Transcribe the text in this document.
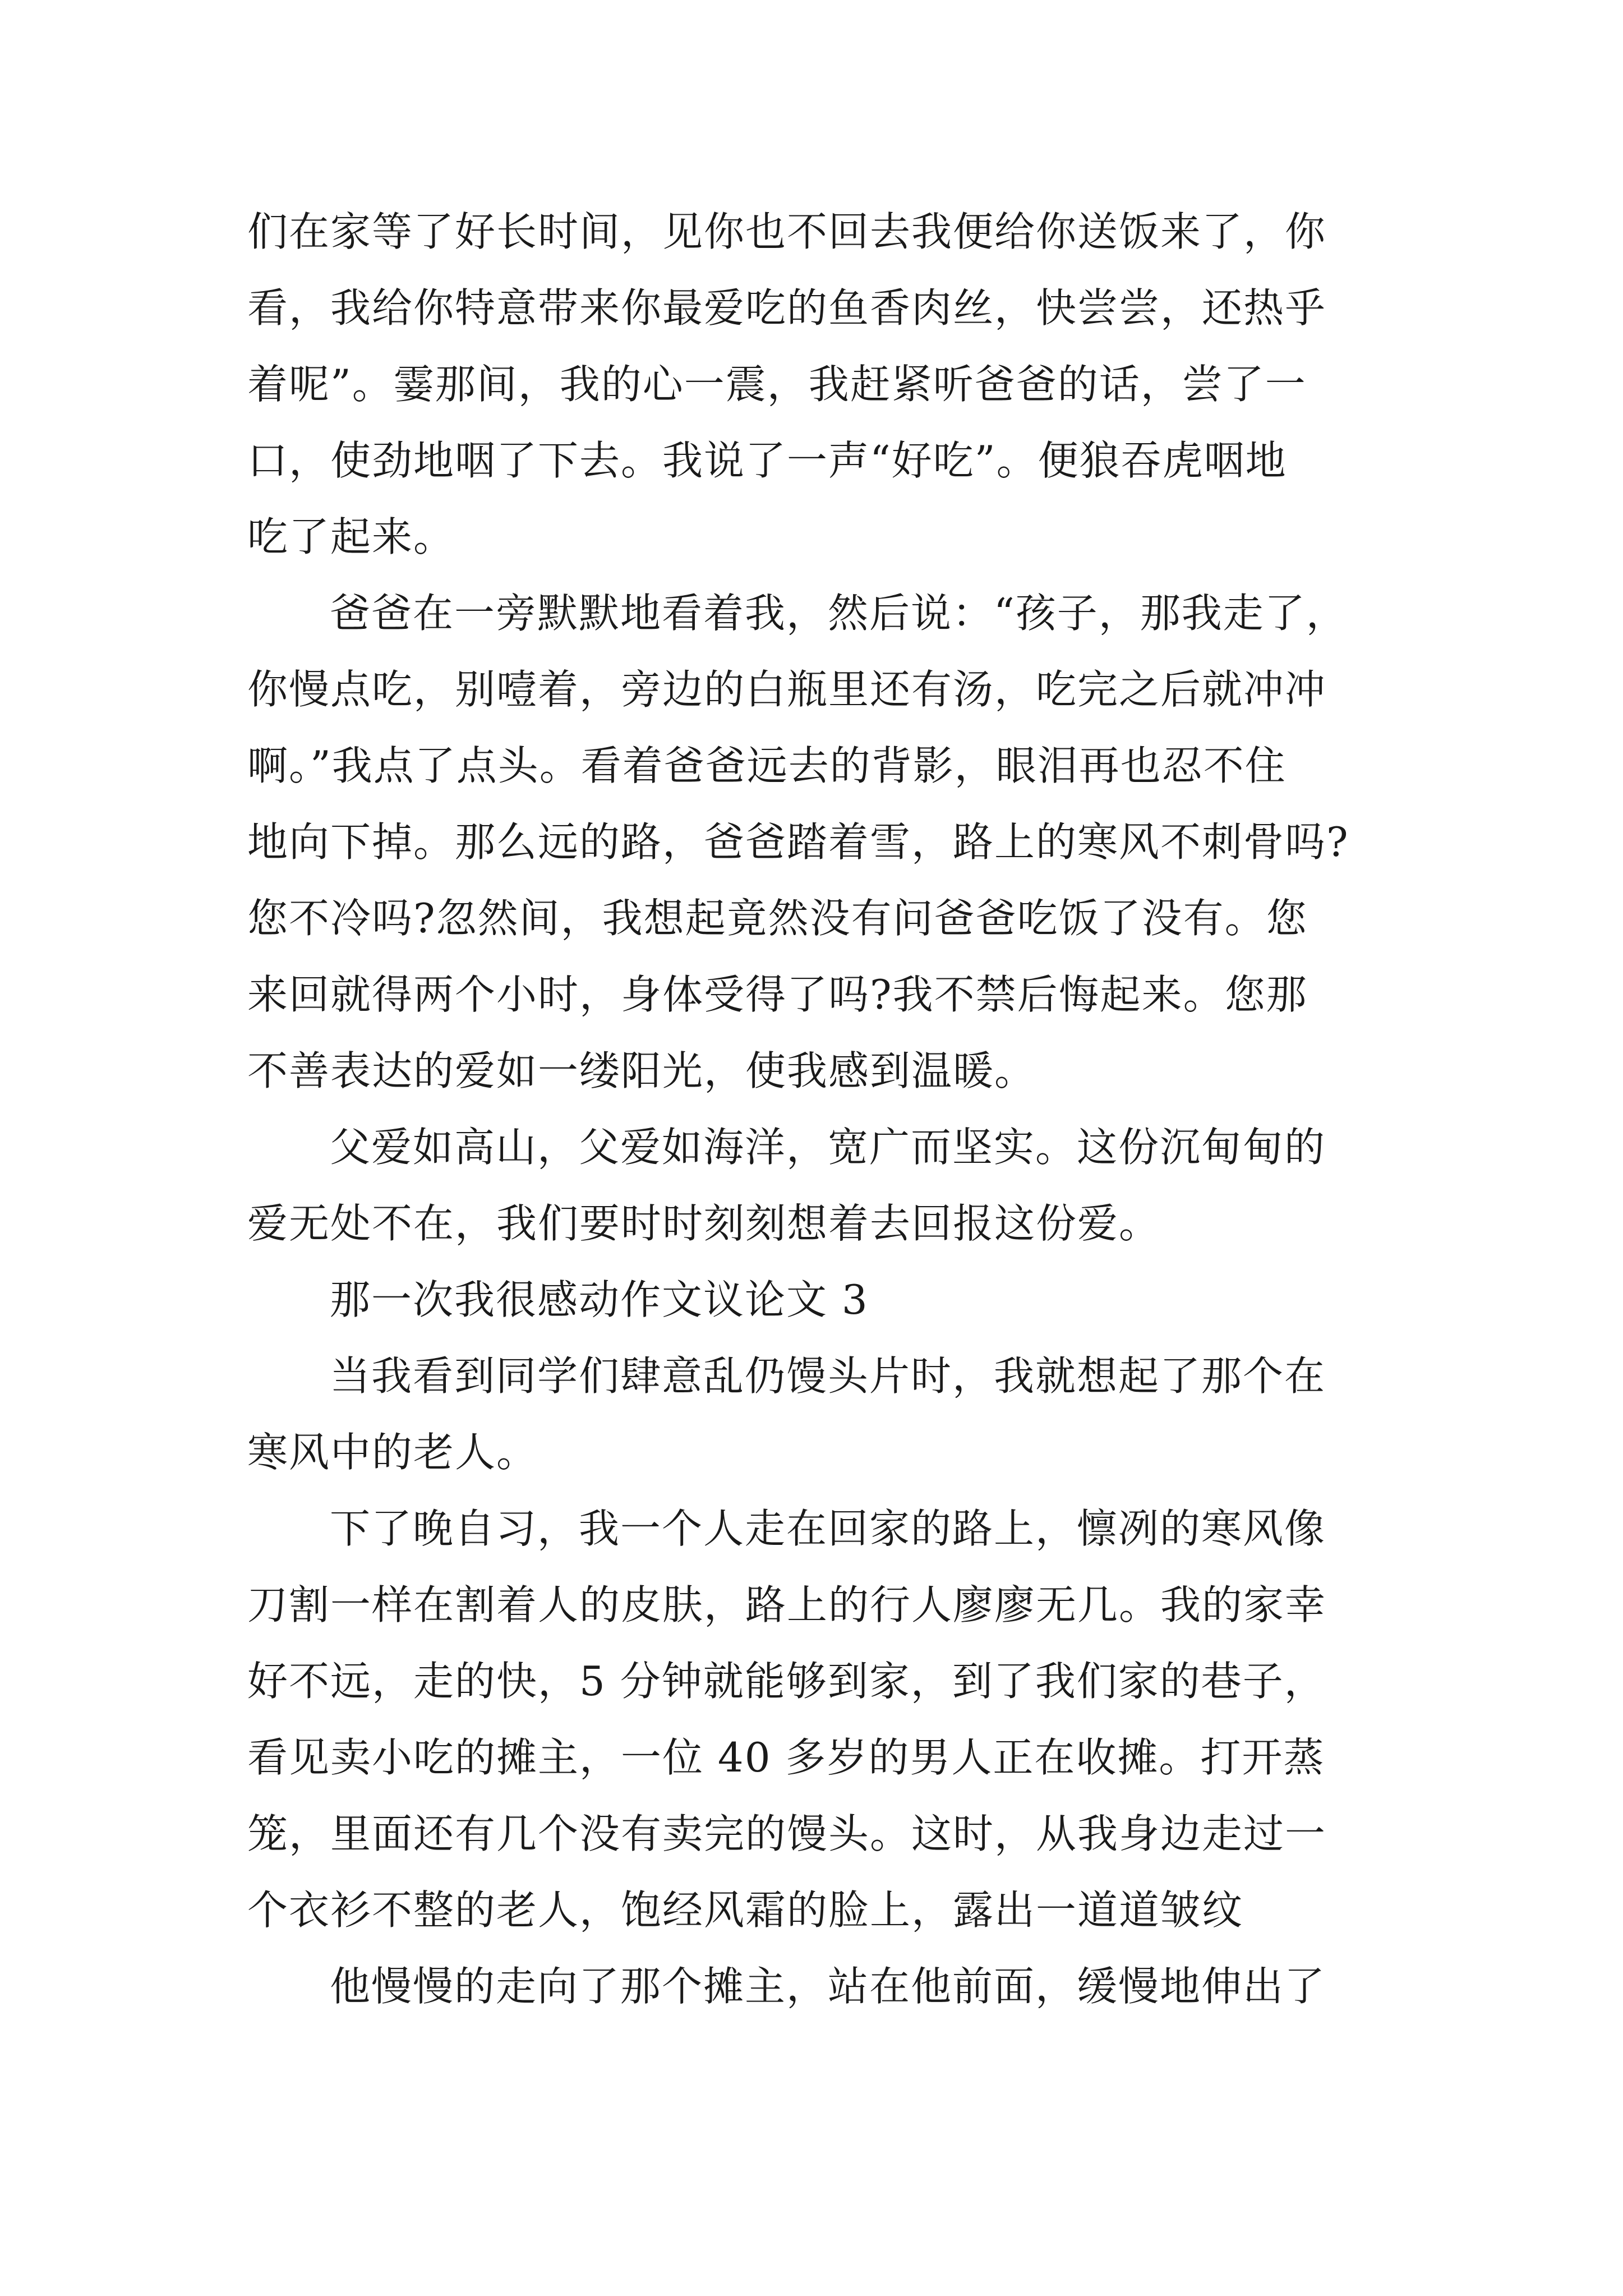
们在家等了好长时间，见你也不回去我便给你送饭来了，你
看，我给你特意带来你最爱吃的鱼香肉丝，快尝尝，还热乎
着呢”。霎那间，我的心一震，我赶紧听爸爸的话，尝了一
口，使劲地咽了下去。我说了一声“好吃”。便狼吞虎咽地
吃了起来。
爸爸在一旁默默地看着我，然后说：“孩子，那我走了，
你慢点吃，别噎着，旁边的白瓶里还有汤，吃完之后就冲冲
啊。”我点了点头。看着爸爸远去的背影，眼泪再也忍不住
地向下掉。那么远的路，爸爸踏着雪，路上的寒风不刺骨吗?
您不冷吗?忽然间，我想起竟然没有问爸爸吃饭了没有。您
来回就得两个小时，身体受得了吗?我不禁后悔起来。您那
不善表达的爱如一缕阳光，使我感到温暖。
父爱如高山，父爱如海洋，宽广而坚实。这份沉甸甸的
爱无处不在，我们要时时刻刻想着去回报这份爱。
那一次我很感动作文议论文 3
当我看到同学们肆意乱仍馒头片时，我就想起了那个在
寒风中的老人。
下了晚自习，我一个人走在回家的路上，懔冽的寒风像
刀割一样在割着人的皮肤，路上的行人廖廖无几。我的家幸
好不远，走的快，5 分钟就能够到家，到了我们家的巷子，
看见卖小吃的摊主，一位 40 多岁的男人正在收摊。打开蒸
笼，里面还有几个没有卖完的馒头。这时，从我身边走过一
个衣衫不整的老人，饱经风霜的脸上，露出一道道皱纹
他慢慢的走向了那个摊主，站在他前面，缓慢地伸出了
